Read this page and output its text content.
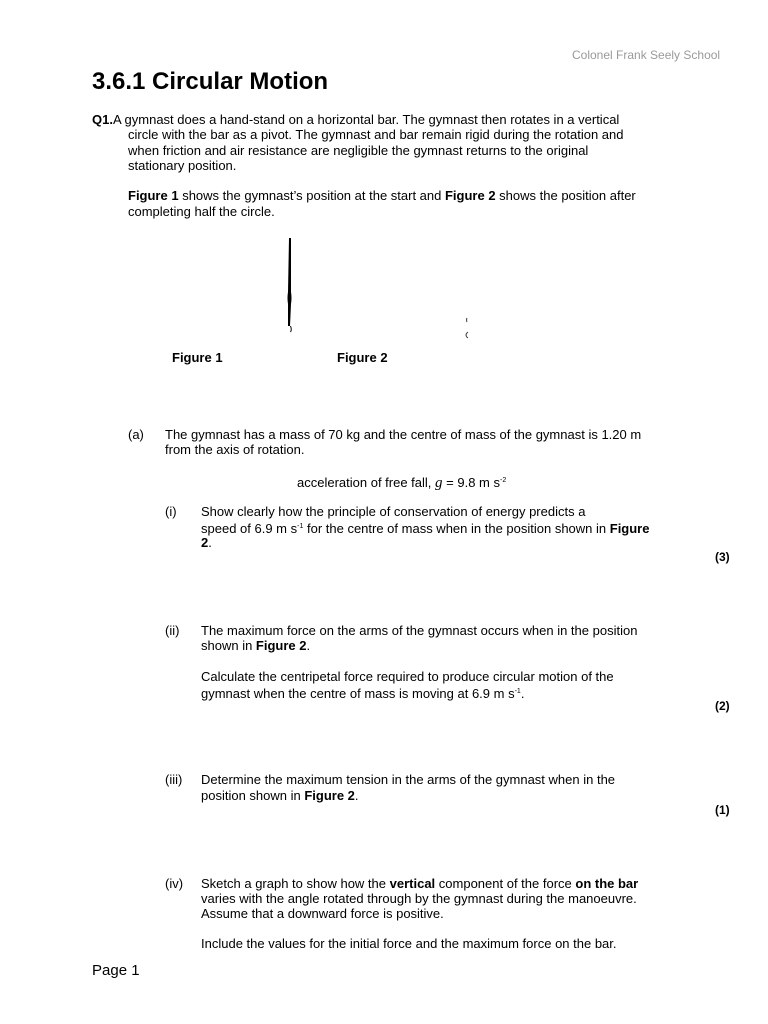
Colonel Frank Seely School
3.6.1 Circular Motion
Q1.A gymnast does a hand-stand on a horizontal bar. The gymnast then rotates in a vertical
circle with the bar as a pivot. The gymnast and bar remain rigid during the rotation and
when friction and air resistance are negligible the gymnast returns to the original
stationary position.
Figure 1 shows the gymnast’s position at the start and Figure 2 shows the position after
completing half the circle.
Figure 1	Figure 2
(a) The gymnast has a mass of 70 kg and the centre of mass of the gymnast is 1.20 m
from the axis of rotation.
acceleration of free fall, g = 9.8 m $s^{-2}$
(i) Show clearly how the principle of conservation of energy predicts a
speed of 6.9 m $s^{-1}$ for the centre of mass when in the position shown in Figure
2.
(3)
(ii) The maximum force on the arms of the gymnast occurs when in the position
shown in Figure 2.
Calculate the centripetal force required to produce circular motion of the
gymnast when the centre of mass is moving at 6.9 m $s^{-1}$.
(2)
(iii) Determine the maximum tension in the arms of the gymnast when in the
position shown in Figure 2.
(1)
(iv) Sketch a graph to show how the vertical component of the force on the bar
varies with the angle rotated through by the gymnast during the manoeuvre.
Assume that a downward force is positive.
Include the values for the initial force and the maximum force on the bar.
Page 1
